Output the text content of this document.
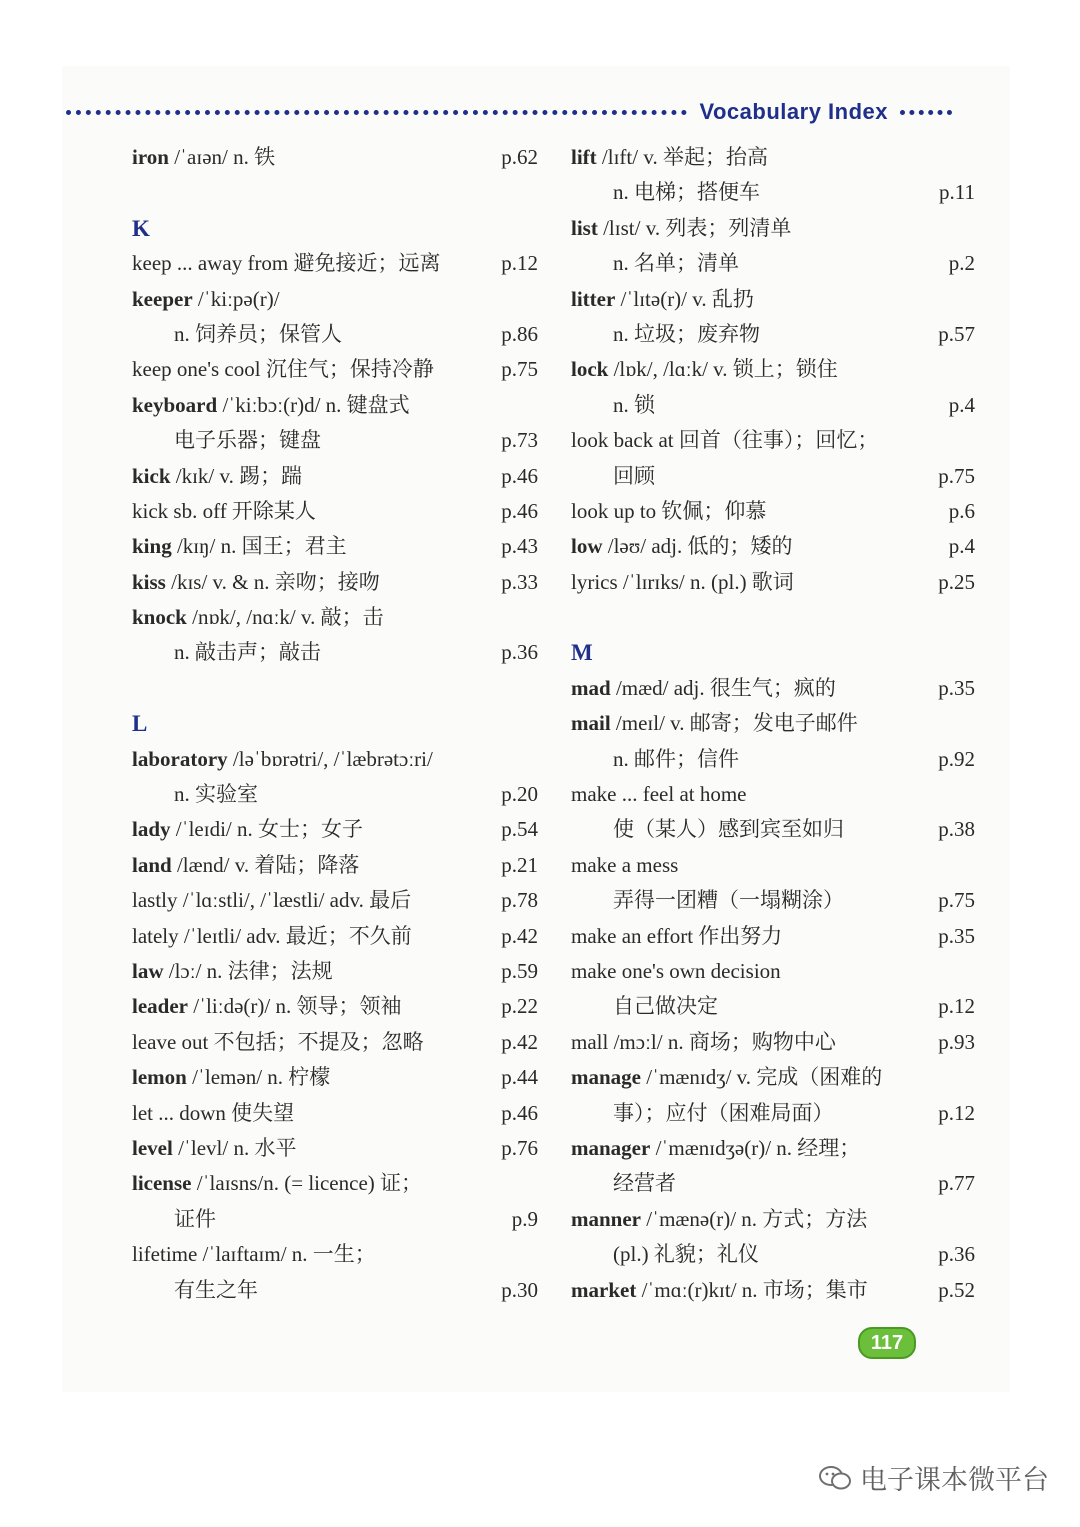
Vocabulary Index
iron /ˈaɪən/ n. 铁	p.62
K
keep ... away from 避免接近；远离	p.12
keeper /ˈkiːpə(r)/
n. 饲养员；保管人	p.86
keep one's cool 沉住气；保持冷静	p.75
keyboard /ˈkiːbɔː(r)d/ n. 键盘式
电子乐器；键盘	p.73
kick /kɪk/ v. 踢；踹	p.46
kick sb. off 开除某人	p.46
king /kɪŋ/ n. 国王；君主	p.43
kiss /kɪs/ v. & n. 亲吻；接吻	p.33
knock /nɒk/, /nɑːk/ v. 敲；击
n. 敲击声；敲击	p.36
L
laboratory /ləˈbɒrətri/, /ˈlæbrətɔːri/
n. 实验室	p.20
lady /ˈleɪdi/ n. 女士；女子	p.54
land /lænd/ v. 着陆；降落	p.21
lastly /ˈlɑːstli/, /ˈlæstli/ adv. 最后	p.78
lately /ˈleɪtli/ adv. 最近；不久前	p.42
law /lɔː/ n. 法律；法规	p.59
leader /ˈliːdə(r)/ n. 领导；领袖	p.22
leave out 不包括；不提及；忽略	p.42
lemon /ˈlemən/ n. 柠檬	p.44
let ... down 使失望	p.46
level /ˈlevl/ n. 水平	p.76
license /ˈlaɪsns/n. (= licence) 证；
证件	p.9
lifetime /ˈlaɪftaɪm/ n. 一生；
有生之年	p.30
lift /lɪft/ v. 举起；抬高
n. 电梯；搭便车	p.11
list /lɪst/ v. 列表；列清单
n. 名单；清单	p.2
litter /ˈlɪtə(r)/ v. 乱扔
n. 垃圾；废弃物	p.57
lock /lɒk/, /lɑːk/ v. 锁上；锁住
n. 锁	p.4
look back at 回首（往事）；回忆；
回顾	p.75
look up to 钦佩；仰慕	p.6
low /ləʊ/ adj. 低的；矮的	p.4
lyrics /ˈlɪrɪks/ n. (pl.) 歌词	p.25
M
mad /mæd/ adj. 很生气；疯的	p.35
mail /meɪl/ v. 邮寄；发电子邮件
n. 邮件；信件	p.92
make ... feel at home
使（某人）感到宾至如归	p.38
make a mess
弄得一团糟（一塌糊涂）	p.75
make an effort 作出努力	p.35
make one's own decision
自己做决定	p.12
mall /mɔːl/ n. 商场；购物中心	p.93
manage /ˈmænɪdʒ/ v. 完成（困难的
事）；应付（困难局面）	p.12
manager /ˈmænɪdʒə(r)/ n. 经理；
经营者	p.77
manner /ˈmænə(r)/ n. 方式；方法
(pl.) 礼貌；礼仪	p.36
market /ˈmɑː(r)kɪt/ n. 市场；集市	p.52
117
电子课本微平台
